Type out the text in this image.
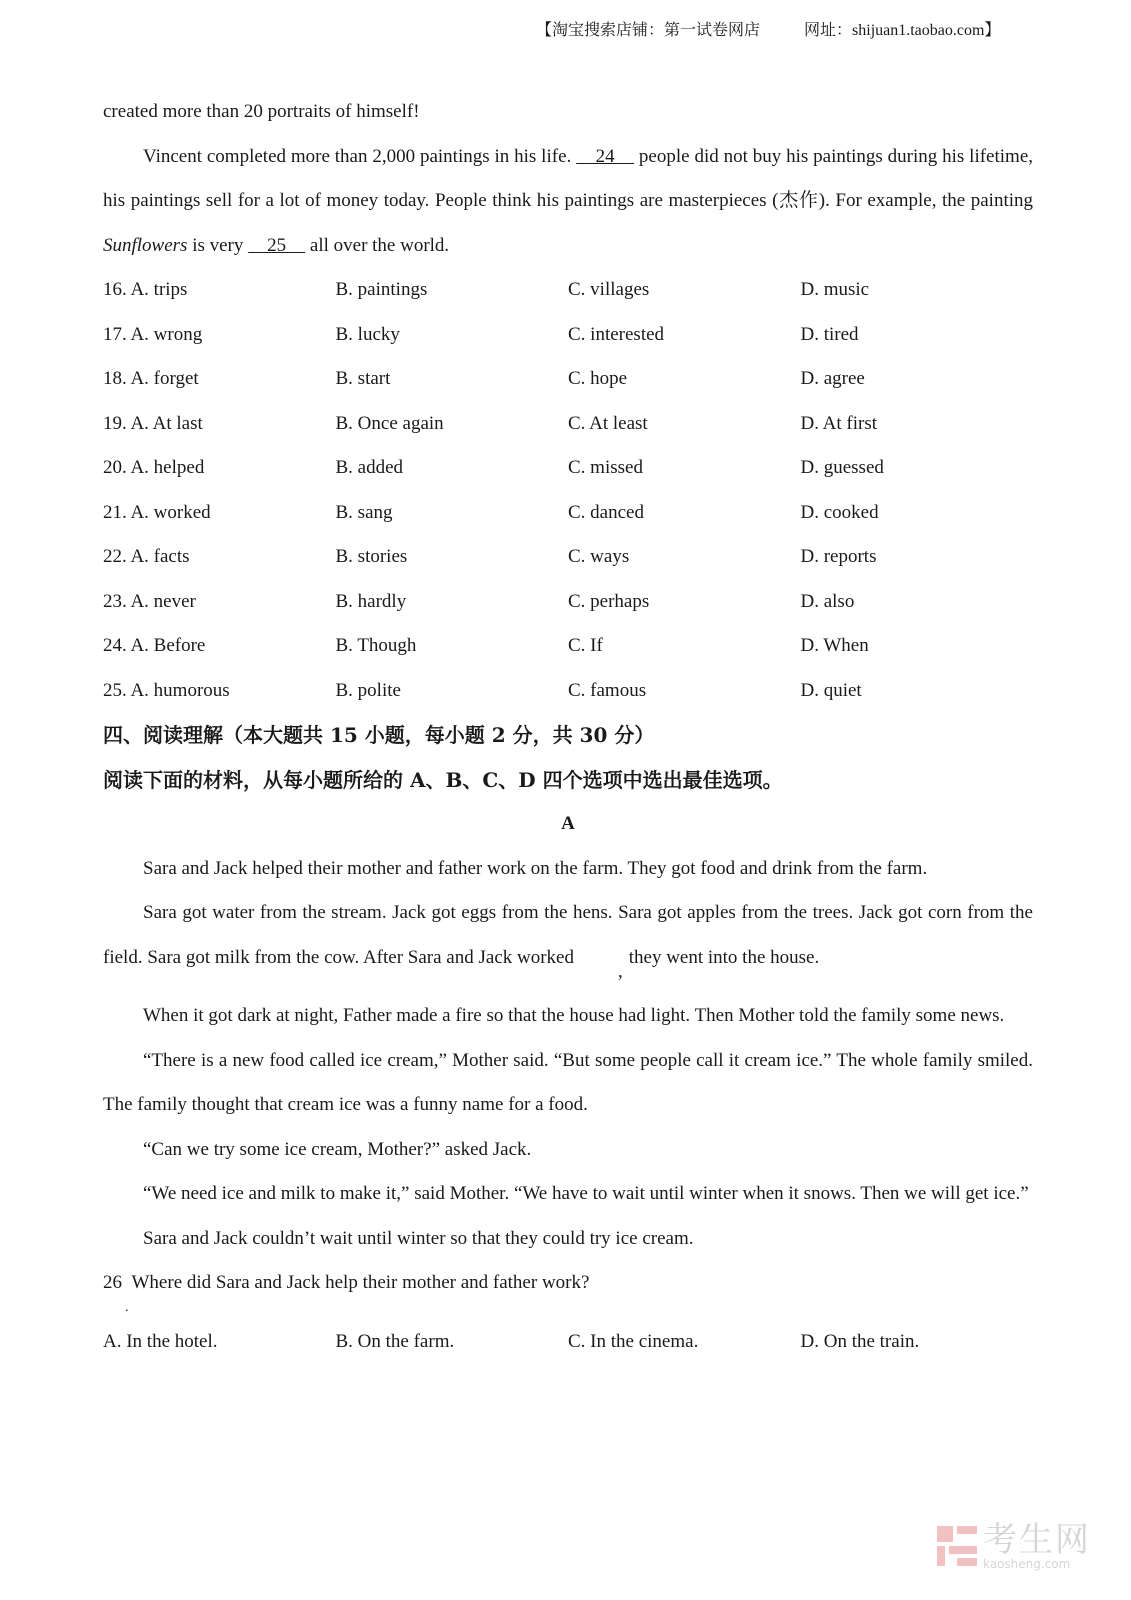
【淘宝搜索店铺：第一试卷网店	网址：shijuan1.taobao.com】
created more than 20 portraits of himself!
Vincent completed more than 2,000 paintings in his life.     24     people did not buy his paintings during his lifetime, his paintings sell for a lot of money today. People think his paintings are masterpieces (杰作). For example, the painting Sunflowers is very     25     all over the world.
16. A. trips	B. paintings	C. villages	D. music
17. A. wrong	B. lucky	C. interested	D. tired
18. A. forget	B. start	C. hope	D. agree
19. A. At last	B. Once again	C. At least	D. At first
20. A. helped	B. added	C. missed	D. guessed
21. A. worked	B. sang	C. danced	D. cooked
22. A. facts	B. stories	C. ways	D. reports
23. A. never	B. hardly	C. perhaps	D. also
24. A. Before	B. Though	C. If	D. When
25. A. humorous	B. polite	C. famous	D. quiet
四、阅读理解（本大题共 15 小题，每小题 2 分，共 30 分）
阅读下面的材料，从每小题所给的 A、B、C、D 四个选项中选出最佳选项。
A
Sara and Jack helped their mother and father work on the farm. They got food and drink from the farm.
Sara got water from the stream. Jack got eggs from the hens. Sara got apples from the trees. Jack got corn from the field. Sara got milk from the cow. After Sara and Jack worked,they went into the house.
When it got dark at night, Father made a fire so that the house had light. Then Mother told the family some news.
“There is a new food called ice cream,” Mother said. “But some people call it cream ice.” The whole family smiled. The family thought that cream ice was a funny name for a food.
“Can we try some ice cream, Mother?” asked Jack.
“We need ice and milk to make it,” said Mother. “We have to wait until winter when it snows. Then we will get ice.”
Sara and Jack couldn’t wait until winter so that they could try ice cream.
26
.
Where did Sara and Jack help their mother and father work?
A. In the hotel.	B. On the farm.	C. In the cinema.	D. On the train.
考生网
kaosheng.com
